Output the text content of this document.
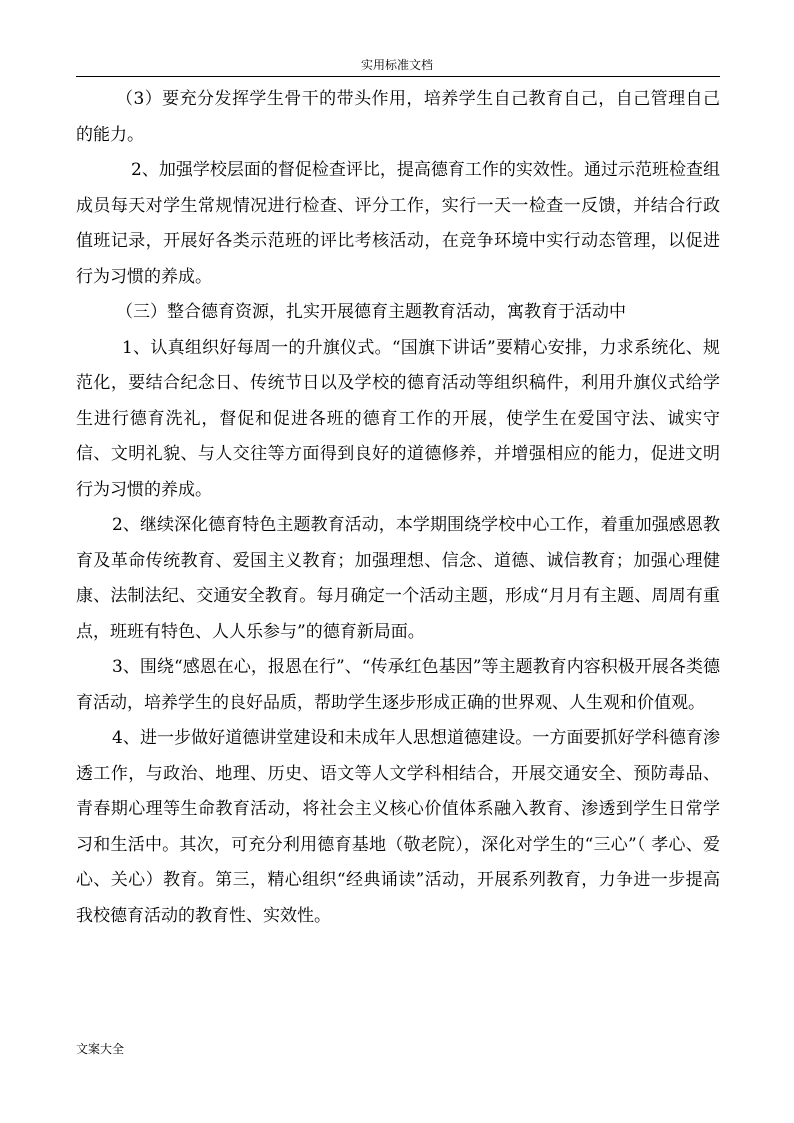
实用标准文档

（3）要充分发挥学生骨干的带头作用，培养学生自己教育自己，自己管理自己的能力。

2、加强学校层面的督促检查评比，提高德育工作的实效性。通过示范班检查组成员每天对学生常规情况进行检查、评分工作，实行一天一检查一反馈，并结合行政值班记录，开展好各类示范班的评比考核活动，在竞争环境中实行动态管理，以促进行为习惯的养成。

（三）整合德育资源，扎实开展德育主题教育活动，寓教育于活动中

1、认真组织好每周一的升旗仪式。“国旗下讲话”要精心安排，力求系统化、规范化，要结合纪念日、传统节日以及学校的德育活动等组织稿件，利用升旗仪式给学生进行德育洗礼，督促和促进各班的德育工作的开展，使学生在爱国守法、诚实守信、文明礼貌、与人交往等方面得到良好的道德修养，并增强相应的能力，促进文明行为习惯的养成。

2、继续深化德育特色主题教育活动，本学期围绕学校中心工作，着重加强感恩教育及革命传统教育、爱国主义教育；加强理想、信念、道德、诚信教育；加强心理健康、法制法纪、交通安全教育。每月确定一个活动主题，形成“月月有主题、周周有重点，班班有特色、人人乐参与”的德育新局面。

3、围绕“感恩在心，报恩在行”、“传承红色基因”等主题教育内容积极开展各类德育活动，培养学生的良好品质，帮助学生逐步形成正确的世界观、人生观和价值观。

4、进一步做好道德讲堂建设和未成年人思想道德建设。一方面要抓好学科德育渗透工作，与政治、地理、历史、语文等人文学科相结合，开展交通安全、预防毒品、青春期心理等生命教育活动，将社会主义核心价值体系融入教育、渗透到学生日常学习和生活中。其次，可充分利用德育基地（敬老院），深化对学生的“三心”（ 孝心、爱心、关心）教育。第三，精心组织“经典诵读”活动，开展系列教育，力争进一步提高我校德育活动的教育性、实效性。

文案大全
